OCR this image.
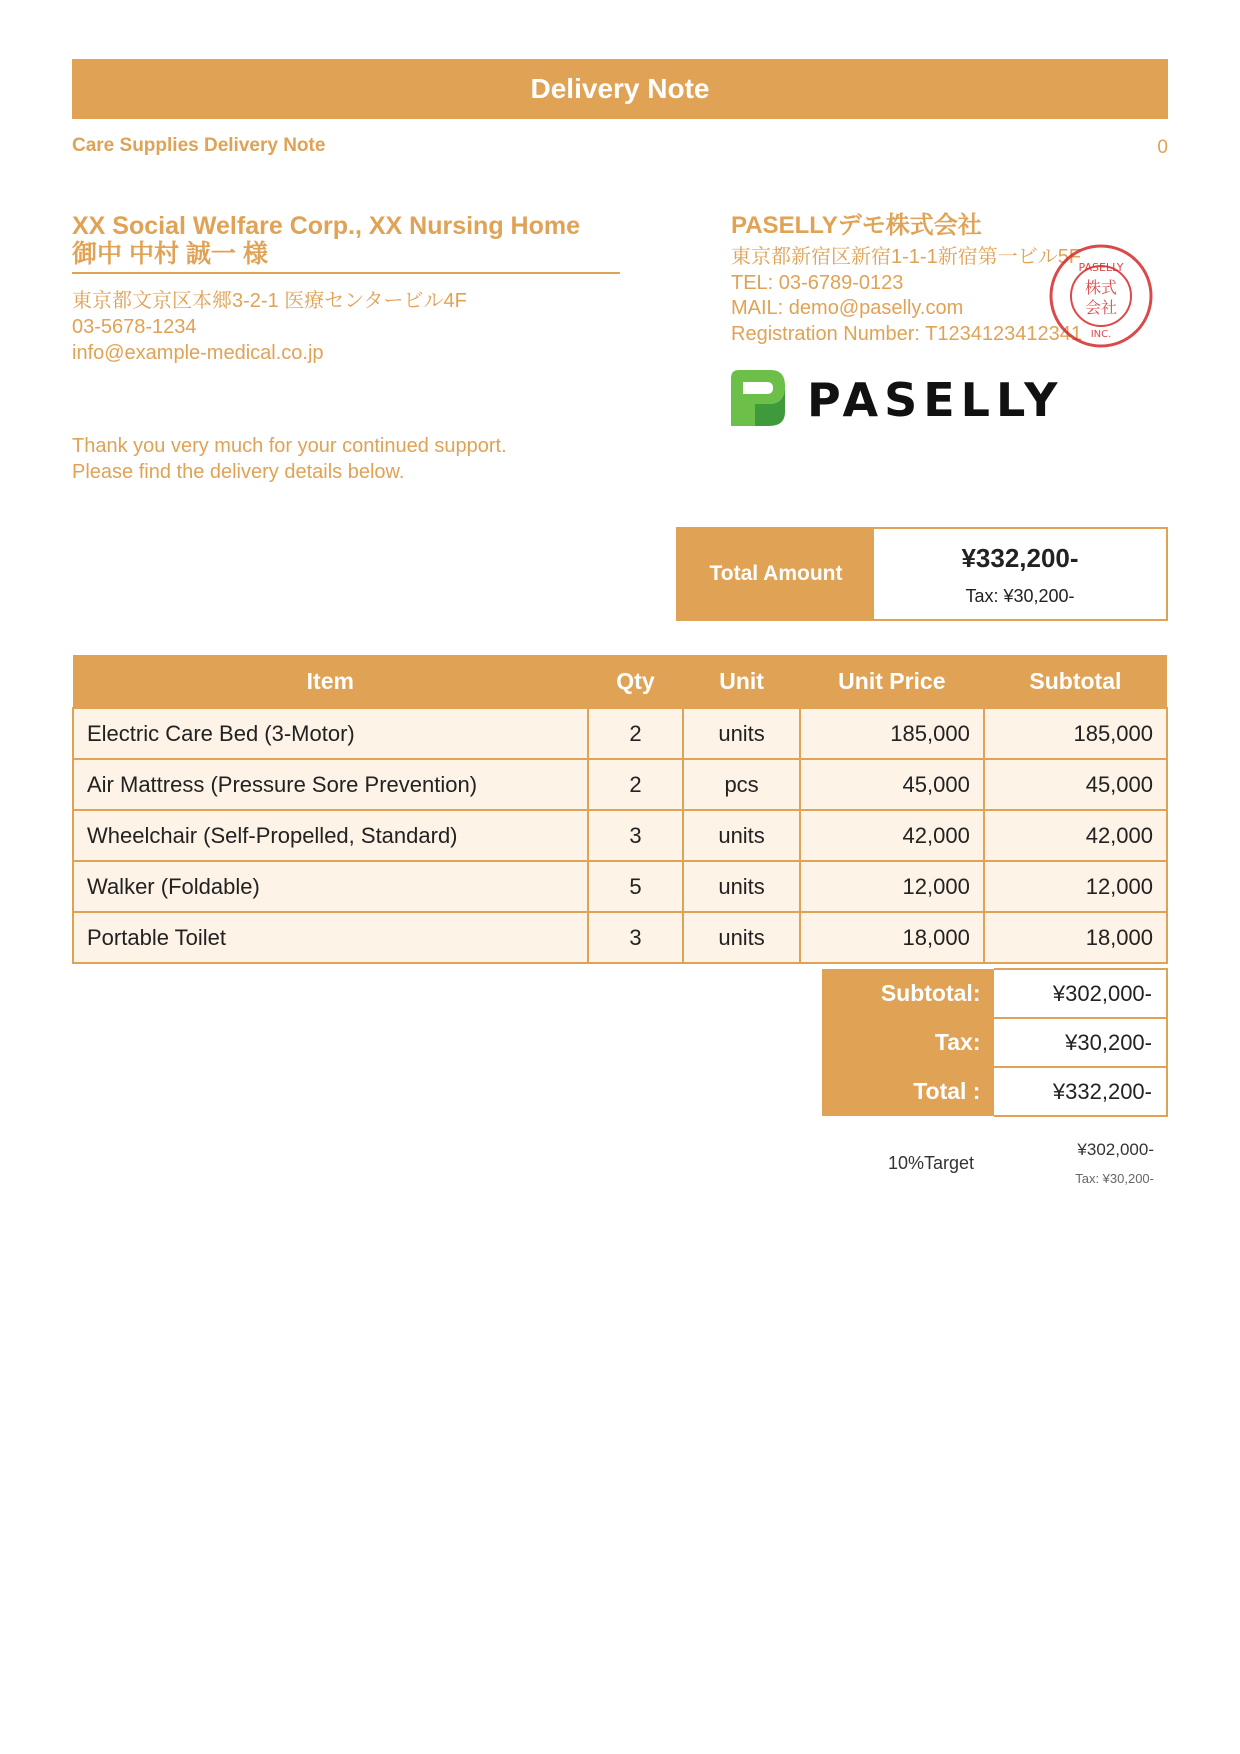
Delivery Note
Care Supplies Delivery Note	0
XX Social Welfare Corp., XX Nursing Home
御中 中村 誠一 様
東京都文京区本郷3-2-1 医療センタービル4F
03-5678-1234
info@example-medical.co.jp
Thank you very much for your continued support.
Please find the delivery details below.
PASELLYデモ株式会社
東京都新宿区新宿1-1-1新宿第一ビル5F
TEL: 03-6789-0123
MAIL: demo@paselly.com
Registration Number: T1234123412341
PASELLY
株式
会社
INC.
PASELLY
Total Amount
¥332,200-
Tax: ¥30,200-
Item	Qty	Unit	Unit Price	Subtotal
Electric Care Bed (3-Motor)	2	units	185,000	185,000
Air Mattress (Pressure Sore Prevention)	2	pcs	45,000	45,000
Wheelchair (Self-Propelled, Standard)	3	units	42,000	42,000
Walker (Foldable)	5	units	12,000	12,000
Portable Toilet	3	units	18,000	18,000
Subtotal:	¥302,000-
Tax:	¥30,200-
Total :	¥332,200-
10%Target
¥302,000-
Tax: ¥30,200-
